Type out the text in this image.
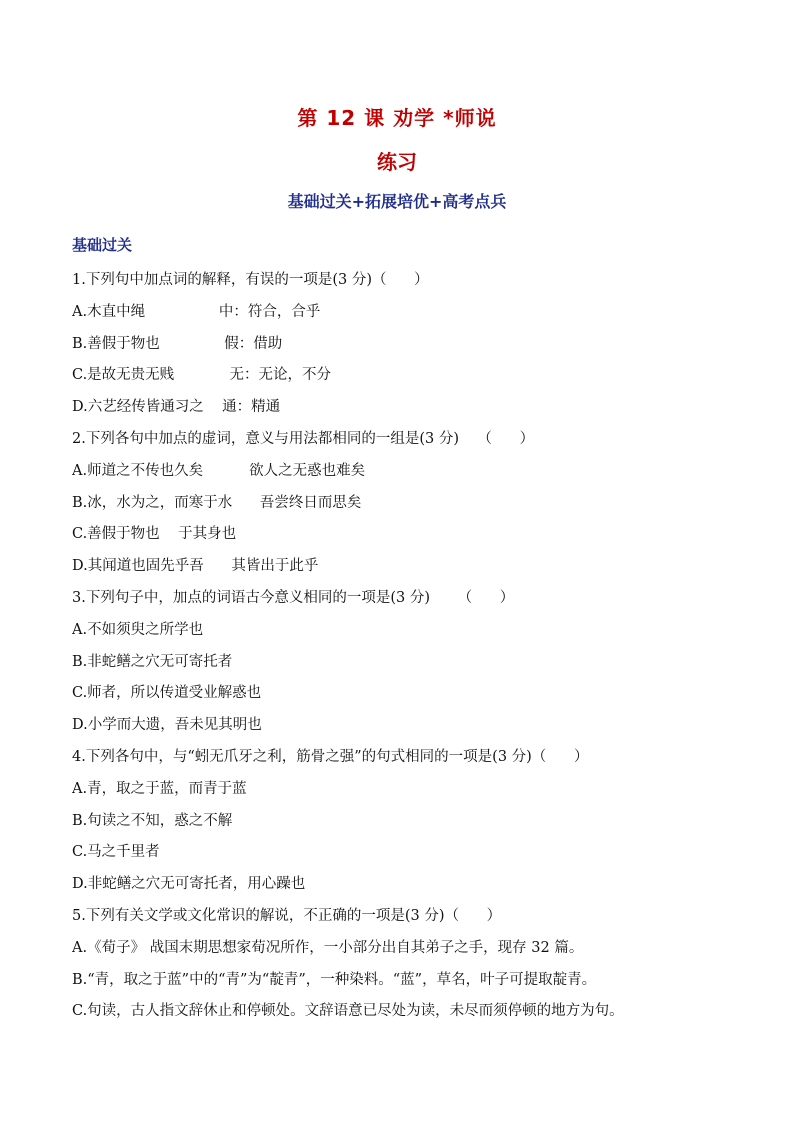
第 12 课 劝学 *师说
练习
基础过关+拓展培优+高考点兵
基础过关
1.下列句中加点词的解释，有误的一项是(3 分)（      ）
A.木直中绳                中：符合，合乎
B.善假于物也              假：借助
C.是故无贵无贱            无：无论，不分
D.六艺经传皆通习之    通：精通
2.下列各句中加点的虚词，意义与用法都相同的一组是(3 分)    （      ）
A.师道之不传也久矣          欲人之无惑也难矣
B.冰，水为之，而寒于水      吾尝终日而思矣
C.善假于物也    于其身也
D.其闻道也固先乎吾      其皆出于此乎
3.下列句子中，加点的词语古今意义相同的一项是(3 分)      （      ）
A.不如须臾之所学也
B.非蛇鳝之穴无可寄托者
C.师者，所以传道受业解惑也
D.小学而大遗，吾未见其明也
4.下列各句中，与“蚓无爪牙之利，筋骨之强”的句式相同的一项是(3 分)（      ）
A.青，取之于蓝，而青于蓝
B.句读之不知，惑之不解
C.马之千里者
D.非蛇鳝之穴无可寄托者，用心躁也
5.下列有关文学或文化常识的解说，不正确的一项是(3 分)（      ）
A.《荀子》 战国末期思想家荀况所作，一小部分出自其弟子之手，现存 32 篇。
B.“青，取之于蓝”中的“青”为“靛青”，一种染料。“蓝”，草名，叶子可提取靛青。
C.句读，古人指文辞休止和停顿处。文辞语意已尽处为读，未尽而须停顿的地方为句。
